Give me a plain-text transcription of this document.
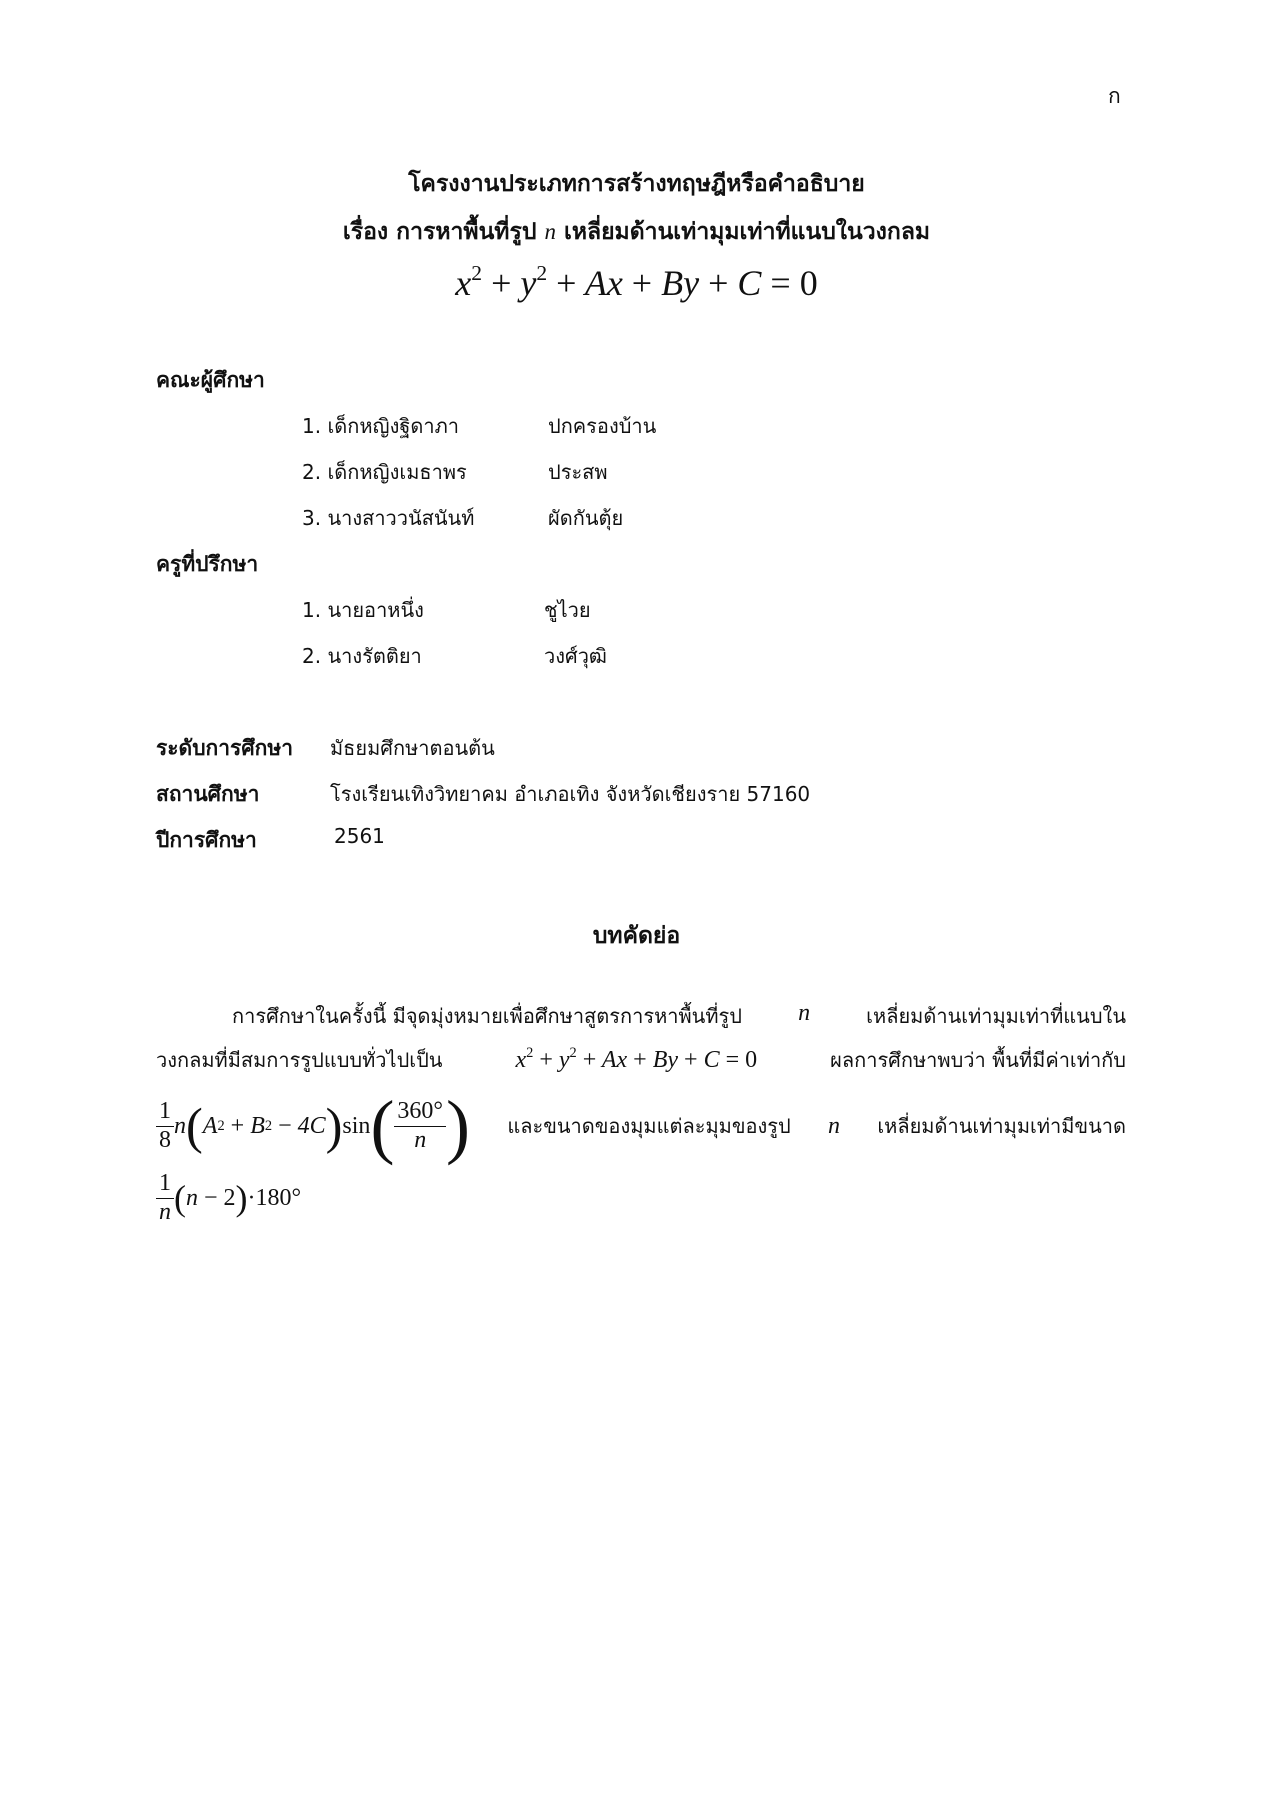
ก
โครงงานประเภทการสร้างทฤษฎีหรือคำอธิบาย
เรื่อง การหาพื้นที่รูป n เหลี่ยมด้านเท่ามุมเท่าที่แนบในวงกลม
$x^2 + y^2 + Ax + By + C = 0$
คณะผู้ศึกษา
1. เด็กหญิงฐิดาภา	ปกครองบ้าน
2. เด็กหญิงเมธาพร	ประสพ
3. นางสาววนัสนันท์	ผัดกันตุ้ย
ครูที่ปรึกษา
1. นายอาหนึ่ง	ชูไวย
2. นางรัตติยา	วงศ์วุฒิ
ระดับการศึกษา มัธยมศึกษาตอนต้น
สถานศึกษา	โรงเรียนเทิงวิทยาคม อำเภอเทิง จังหวัดเชียงราย 57160
ปีการศึกษา	2561
บทคัดย่อ
การศึกษาในครั้งนี้ มีจุดมุ่งหมายเพื่อศึกษาสูตรการหาพื้นที่รูป n	เหลี่ยมด้านเท่ามุมเท่าที่แนบใน
วงกลมที่มีสมการรูปแบบทั่วไปเป็น	$x^2 + y^2 + Ax + By + C = 0$	ผลการศึกษาพบว่า พื้นที่มีค่าเท่ากับ
$\frac{1}{8}$ n ( A 2
+
B 2
−
4C ) sin ( $\frac{360^\circ}{n}$ ) และขนาดของมุมแต่ละมุมของรูป n เหลี่ยมด้านเท่ามุมเท่ามีขนาด
$\frac{1}{n}$ ( n
−
2 ) · 180°
